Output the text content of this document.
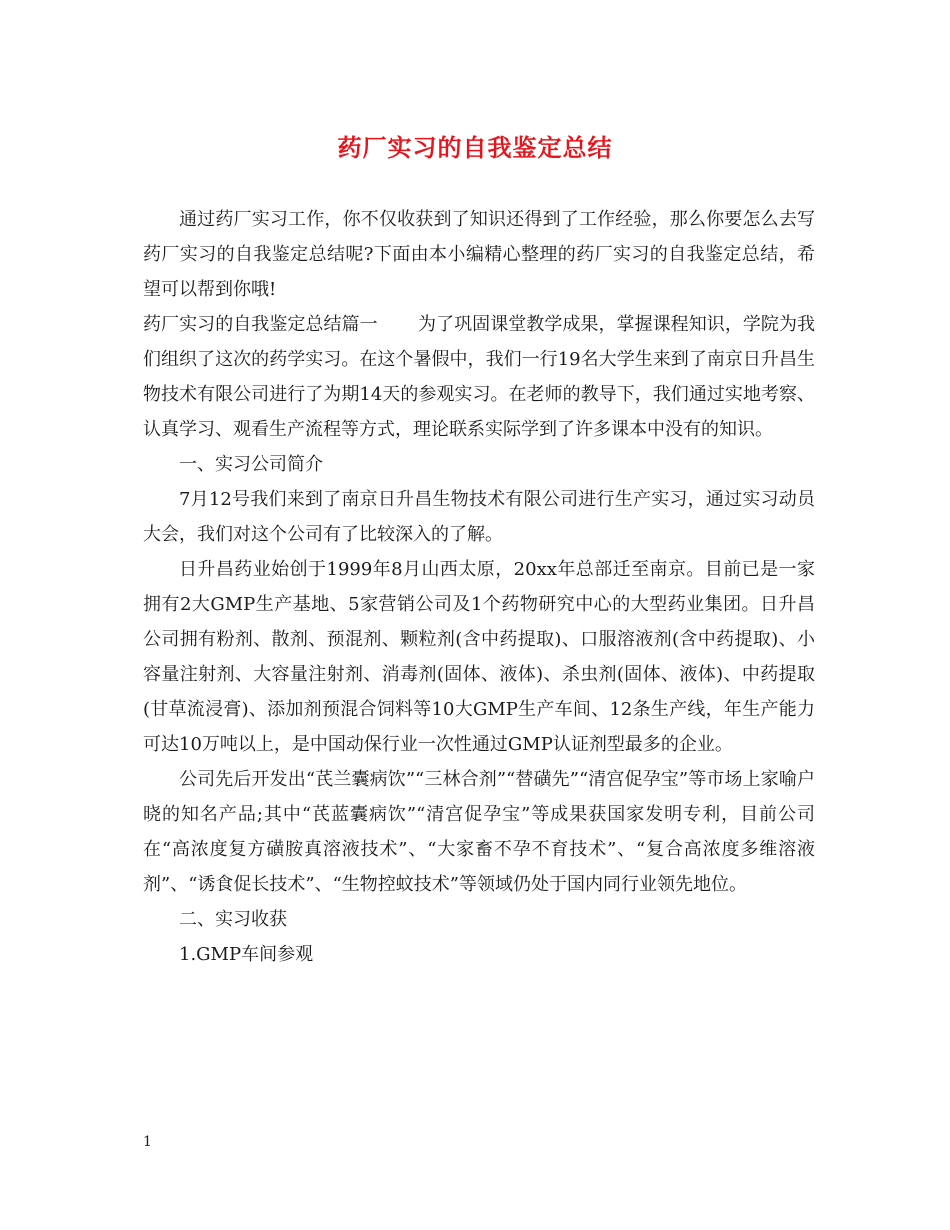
药厂实习的自我鉴定总结

通过药厂实习工作，你不仅收获到了知识还得到了工作经验，那么你要怎么去写药厂实习的自我鉴定总结呢?下面由本小编精心整理的药厂实习的自我鉴定总结，希望可以帮到你哦!

药厂实习的自我鉴定总结篇一 为了巩固课堂教学成果，掌握课程知识，学院为我们组织了这次的药学实习。在这个暑假中，我们一行19名大学生来到了南京日升昌生物技术有限公司进行了为期14天的参观实习。在老师的教导下，我们通过实地考察、认真学习、观看生产流程等方式，理论联系实际学到了许多课本中没有的知识。

一、实习公司简介

7月12号我们来到了南京日升昌生物技术有限公司进行生产实习，通过实习动员大会，我们对这个公司有了比较深入的了解。

日升昌药业始创于1999年8月山西太原，20xx年总部迁至南京。目前已是一家拥有2大GMP生产基地、5家营销公司及1个药物研究中心的大型药业集团。日升昌公司拥有粉剂、散剂、预混剂、颗粒剂(含中药提取)、口服溶液剂(含中药提取)、小容量注射剂、大容量注射剂、消毒剂(固体、液体)、杀虫剂(固体、液体)、中药提取(甘草流浸膏)、添加剂预混合饲料等10大GMP生产车间、12条生产线，年生产能力可达10万吨以上，是中国动保行业一次性通过GMP认证剂型最多的企业。

公司先后开发出“芪兰囊病饮”“三林合剂”“替磺先”“清宫促孕宝”等市场上家喻户晓的知名产品;其中“芪蓝囊病饮”“清宫促孕宝”等成果获国家发明专利，目前公司在“高浓度复方磺胺真溶液技术”、“大家畜不孕不育技术”、“复合高浓度多维溶液剂”、“诱食促长技术”、“生物控蚊技术”等领域仍处于国内同行业领先地位。

二、实习收获

1.GMP车间参观

1
